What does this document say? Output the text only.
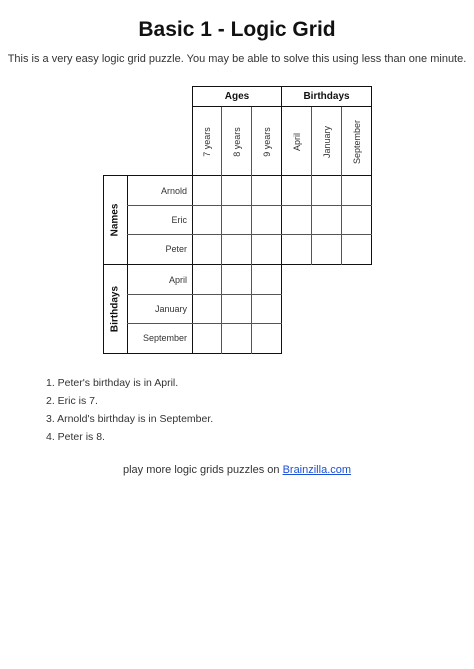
Basic 1 - Logic Grid
This is a very easy logic grid puzzle. You may be able to solve this using less than one minute.
Ages	Birthdays
7 years 8 years 9 years April January September
Names
Arnold
Eric
Peter
Birthdays
April
January
September
1. Peter's birthday is in April.
2. Eric is 7.
3. Arnold's birthday is in September.
4. Peter is 8.
play more logic grids puzzles on Brainzilla.com
